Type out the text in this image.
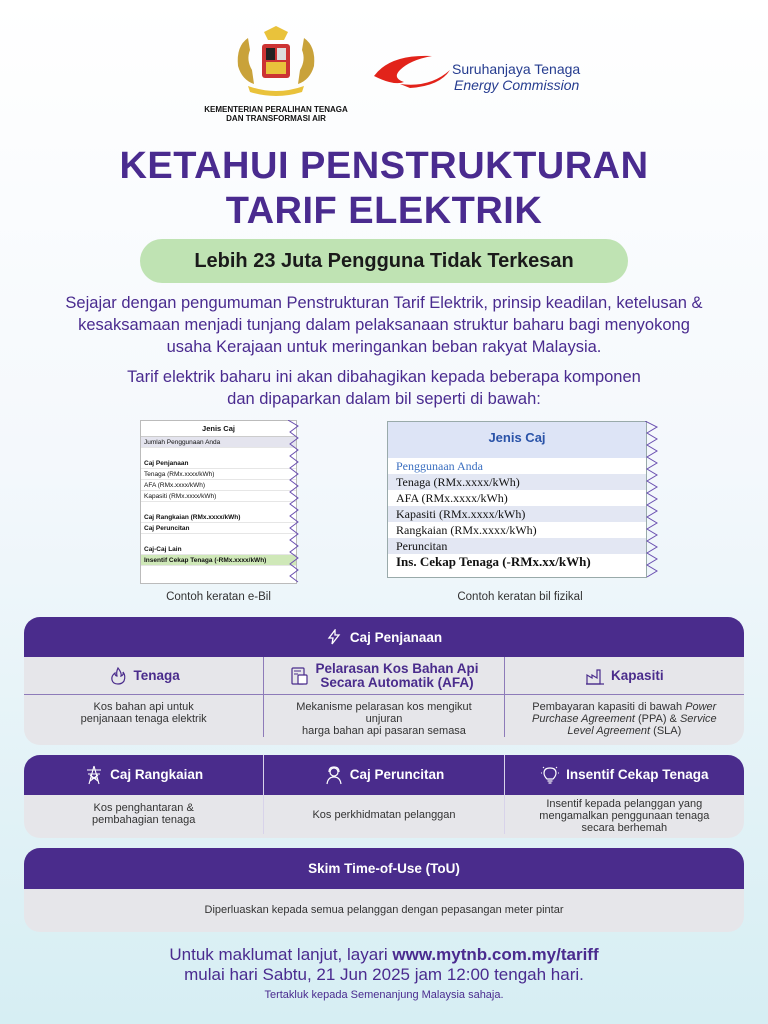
KEMENTERIAN PERALIHAN TENAGA
DAN TRANSFORMASI AIR
Suruhanjaya Tenaga
Energy Commission
KETAHUI PENSTRUKTURAN
TARIF ELEKTRIK
Lebih 23 Juta Pengguna Tidak Terkesan
Sejajar dengan pengumuman Penstrukturan Tarif Elektrik, prinsip keadilan, ketelusan &
kesaksamaan menjadi tunjang dalam pelaksanaan struktur baharu bagi menyokong
usaha Kerajaan untuk meringankan beban rakyat Malaysia.
Tarif elektrik baharu ini akan dibahagikan kepada beberapa komponen
dan dipaparkan dalam bil seperti di bawah:
Jenis Caj
Jumlah Penggunaan Anda
Caj Penjanaan
Tenaga (RMx.xxxx/kWh)
AFA (RMx.xxxx/kWh)
Kapasiti (RMx.xxxx/kWh)
Caj Rangkaian (RMx.xxxx/kWh)
Caj Peruncitan
Caj-Caj Lain
Insentif Cekap Tenaga (-RMx.xxxx/kWh)
Contoh keratan e-Bil
Jenis Caj
Penggunaan Anda
Tenaga (RMx.xxxx/kWh)
AFA (RMx.xxxx/kWh)
Kapasiti (RMx.xxxx/kWh)
Rangkaian (RMx.xxxx/kWh)
Peruncitan
Ins. Cekap Tenaga (-RMx.xx/kWh)
Contoh keratan bil fizikal
Caj Penjanaan
Tenaga
Kos bahan api untuk
penjanaan tenaga elektrik
Pelarasan Kos Bahan Api
Secara Automatik (AFA)
Mekanisme pelarasan kos mengikut unjuran
harga bahan api pasaran semasa
Kapasiti
Pembayaran kapasiti di bawah Power
Purchase Agreement (PPA) & Service
Level Agreement (SLA)
Caj Rangkaian
Kos penghantaran &
pembahagian tenaga
Caj Peruncitan
Kos perkhidmatan pelanggan
Insentif Cekap Tenaga
Insentif kepada pelanggan yang
mengamalkan penggunaan tenaga
secara berhemah
Skim Time-of-Use (ToU)
Diperluaskan kepada semua pelanggan dengan pepasangan meter pintar
Untuk maklumat lanjut, layari www.mytnb.com.my/tariff
mulai hari Sabtu, 21 Jun 2025 jam 12:00 tengah hari.
Tertakluk kepada Semenanjung Malaysia sahaja.
